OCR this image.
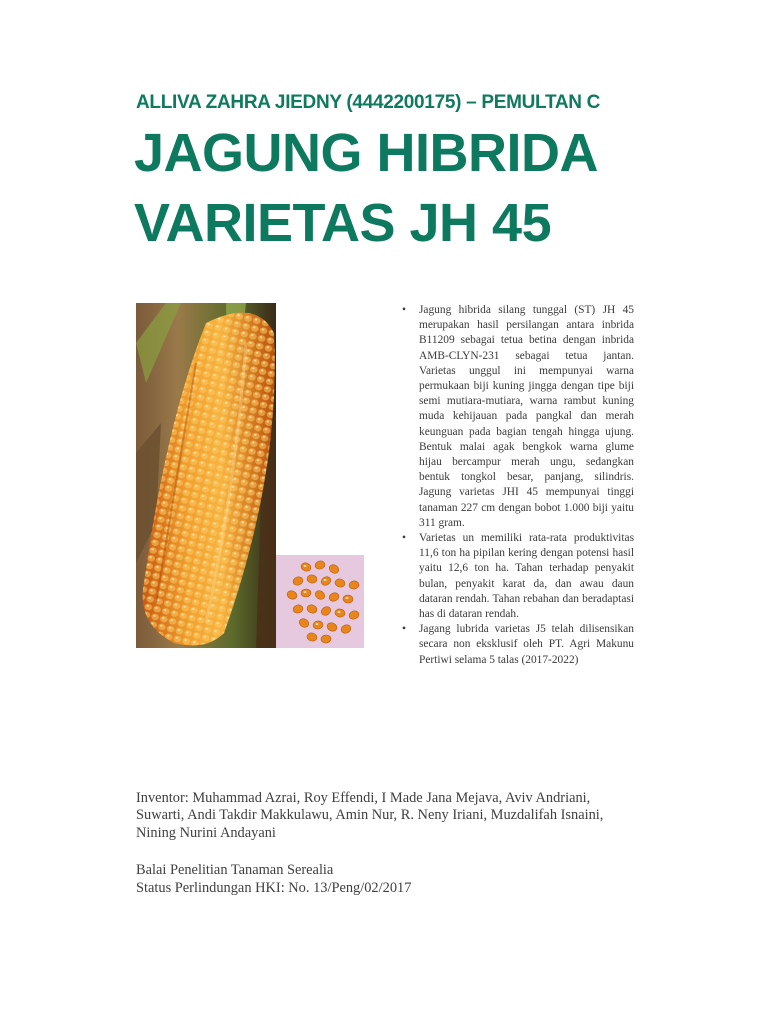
ALLIVA ZAHRA JIEDNY (4442200175) – PEMULTAN C
JAGUNG HIBRIDA
VARIETAS JH 45
• Jagung hibrida silang tunggal (ST) JH 45 merupakan hasil persilangan antara inbrida B11209 sebagai tetua betina dengan inbrida AMB-CLYN-231 sebagai tetua jantan. Varietas unggul ini mempunyai warna permukaan biji kuning jingga dengan tipe biji semi mutiara-mutiara, warna rambut kuning muda kehijauan pada pangkal dan merah keunguan pada bagian tengah hingga ujung. Bentuk malai agak bengkok warna glume hijau bercampur merah ungu, sedangkan bentuk tongkol besar, panjang, silindris. Jagung varietas JHI 45 mempunyai tinggi tanaman 227 cm dengan bobot 1.000 biji yaitu 311 gram.
• Varietas un memiliki rata-rata produktivitas 11,6 ton ha pipilan kering dengan potensi hasil yaitu 12,6 ton ha. Tahan terhadap penyakit bulan, penyakit karat da, dan awau daun dataran rendah. Tahan rebahan dan beradaptasi has di dataran rendah.
• Jagang lubrida varietas J5 telah dilisensikan secara non eksklusif oleh PT. Agri Makunu Pertiwi selama 5 talas (2017-2022)

Inventor: Muhammad Azrai, Roy Effendi, I Made Jana Mejava, Aviv Andriani, Suwarti, Andi Takdir Makkulawu, Amin Nur, R. Neny Iriani, Muzdalifah Isnaini, Nining Nurini Andayani

Balai Penelitian Tanaman Serealia
Status Perlindungan HKI: No. 13/Peng/02/2017
